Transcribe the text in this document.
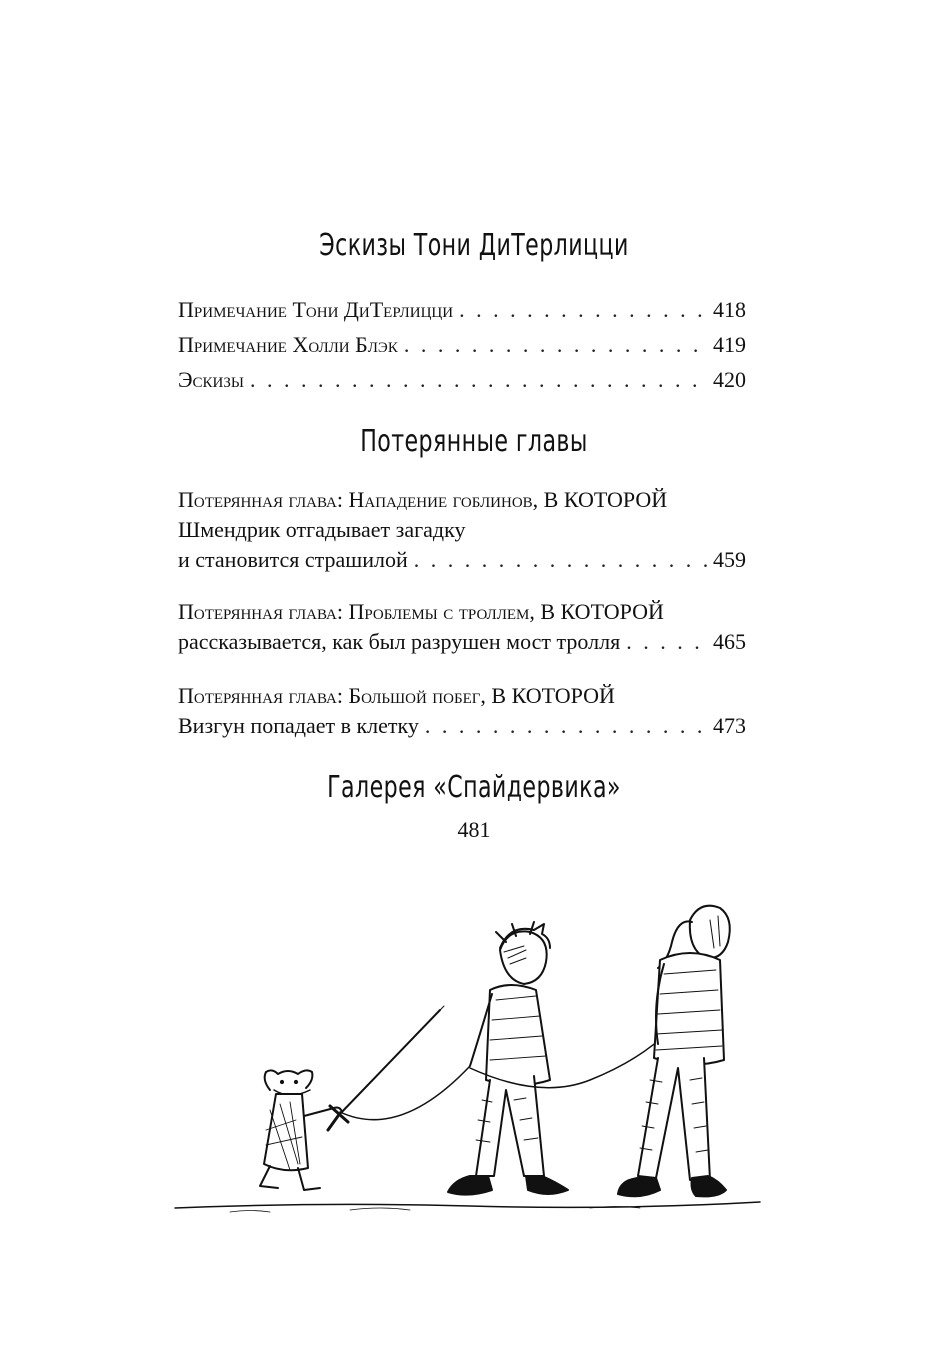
Эскизы Тони ДиТерлицци
Примечание Тони ДиТерлицци . . .	418
Примечание Холли Блэк . . .	419
Эскизы . . .	420
Потерянные главы
Потерянная глава: Нападение гоблинов, В КОТОРОЙ
Шмендрик отгадывает загадку
и становится страшилой . . .	459
Потерянная глава: Проблемы с троллем, В КОТОРОЙ
рассказывается, как был разрушен мост тролля . . .	465
Потерянная глава: Большой побег, В КОТОРОЙ
Визгун попадает в клетку . . .	473
Галерея «Спайдервика»
481
